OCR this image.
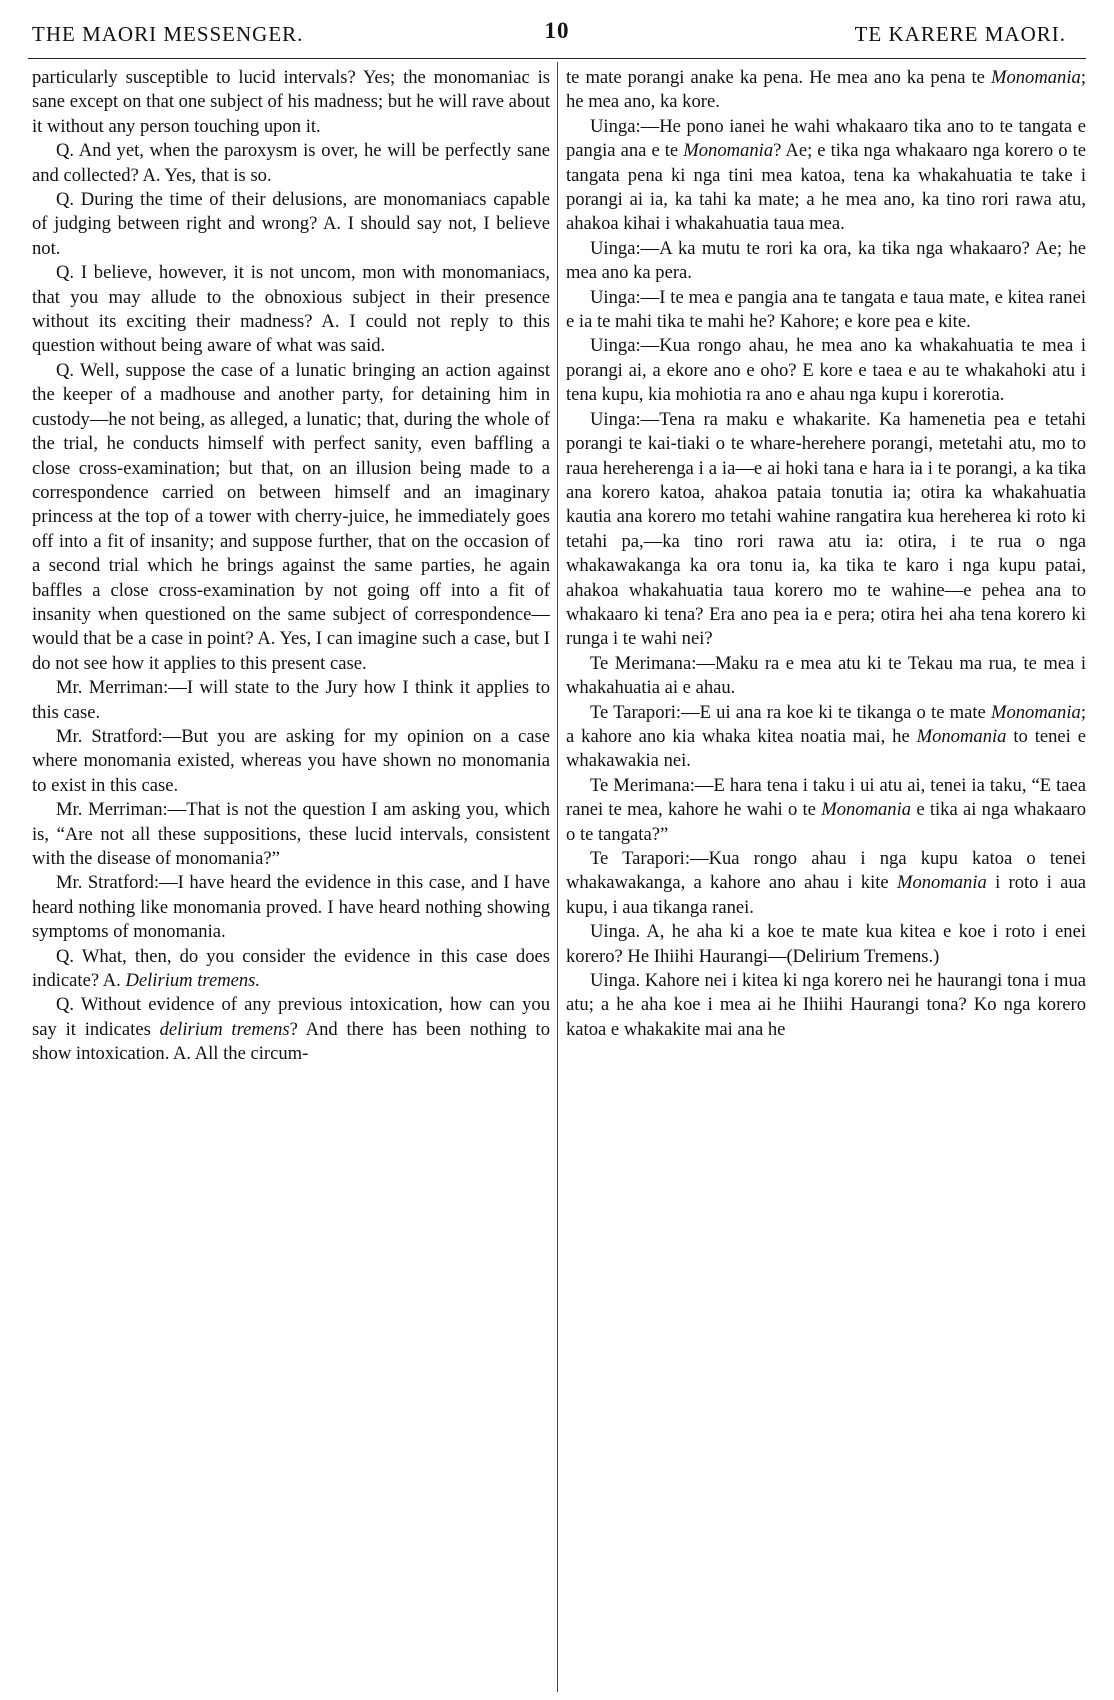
THE MAORI MESSENGER.	10	TE KARERE MAORI.

particularly susceptible to lucid intervals? Yes; the monomaniac is sane except on that one subject of his madness; but he will rave about it without any person touching upon it.

Q. And yet, when the paroxysm is over, he will be perfectly sane and collected? A. Yes, that is so.

Q. During the time of their delusions, are monomaniacs capable of judging between right and wrong? A. I should say not, I believe not.

Q. I believe, however, it is not uncom, mon with monomaniacs, that you may allude to the obnoxious subject in their presence without its exciting their madness? A. I could not reply to this question without being aware of what was said.

Q. Well, suppose the case of a lunatic bringing an action against the keeper of a madhouse and another party, for detaining him in custody—he not being, as alleged, a lunatic; that, during the whole of the trial, he conducts himself with perfect sanity, even baffling a close cross-examination; but that, on an illusion being made to a correspondence carried on between himself and an imaginary princess at the top of a tower with cherry-juice, he immediately goes off into a fit of insanity; and suppose further, that on the occasion of a second trial which he brings against the same parties, he again baffles a close cross-examination by not going off into a fit of insanity when questioned on the same subject of correspondence—would that be a case in point? A. Yes, I can imagine such a case, but I do not see how it applies to this present case.

Mr. Merriman:—I will state to the Jury how I think it applies to this case.

Mr. Stratford:—But you are asking for my opinion on a case where monomania existed, whereas you have shown no monomania to exist in this case.

Mr. Merriman:—That is not the question I am asking you, which is, “Are not all these suppositions, these lucid intervals, consistent with the disease of monomania?”

Mr. Stratford:—I have heard the evidence in this case, and I have heard nothing like monomania proved. I have heard nothing showing symptoms of monomania.

Q. What, then, do you consider the evidence in this case does indicate? A. Delirium tremens.

Q. Without evidence of any previous intoxication, how can you say it indicates delirium tremens? And there has been nothing to show intoxication. A. All the circum-

te mate porangi anake ka pena. He mea ano ka pena te Monomania; he mea ano, ka kore.

Uinga:—He pono ianei he wahi whakaaro tika ano to te tangata e pangia ana e te Monomania? Ae; e tika nga whakaaro nga korero o te tangata pena ki nga tini mea katoa, tena ka whakahuatia te take i porangi ai ia, ka tahi ka mate; a he mea ano, ka tino rori rawa atu, ahakoa kihai i whakahuatia taua mea.

Uinga:—A ka mutu te rori ka ora, ka tika nga whakaaro? Ae; he mea ano ka pera.

Uinga:—I te mea e pangia ana te tangata e taua mate, e kitea ranei e ia te mahi tika te mahi he? Kahore; e kore pea e kite.

Uinga:—Kua rongo ahau, he mea ano ka whakahuatia te mea i porangi ai, a ekore ano e oho? E kore e taea e au te whakahoki atu i tena kupu, kia mohiotia ra ano e ahau nga kupu i korerotia.

Uinga:—Tena ra maku e whakarite. Ka hamenetia pea e tetahi porangi te kai-tiaki o te whare-herehere porangi, metetahi atu, mo to raua hereherenga i a ia—e ai hoki tana e hara ia i te porangi, a ka tika ana korero katoa, ahakoa pataia tonutia ia; otira ka whakahuatia kautia ana korero mo tetahi wahine rangatira kua hereherea ki roto ki tetahi pa,—ka tino rori rawa atu ia: otira, i te rua o nga whakawakanga ka ora tonu ia, ka tika te karo i nga kupu patai, ahakoa whakahuatia taua korero mo te wahine—e pehea ana to whakaaro ki tena? Era ano pea ia e pera; otira hei aha tena korero ki runga i te wahi nei?

Te Merimana:—Maku ra e mea atu ki te Tekau ma rua, te mea i whakahuatia ai e ahau.

Te Tarapori:—E ui ana ra koe ki te tikanga o te mate Monomania; a kahore ano kia whaka kitea noatia mai, he Monomania to tenei e whakawakia nei.

Te Merimana:—E hara tena i taku i ui atu ai, tenei ia taku, “E taea ranei te mea, kahore he wahi o te Monomania e tika ai nga whakaaro o te tangata?”

Te Tarapori:—Kua rongo ahau i nga kupu katoa o tenei whakawakanga, a kahore ano ahau i kite Monomania i roto i aua kupu, i aua tikanga ranei.

Uinga. A, he aha ki a koe te mate kua kitea e koe i roto i enei korero? He Ihiihi Haurangi—(Delirium Tremens.)

Uinga. Kahore nei i kitea ki nga korero nei he haurangi tona i mua atu; a he aha koe i mea ai he Ihiihi Haurangi tona? Ko nga korero katoa e whakakite mai ana he
